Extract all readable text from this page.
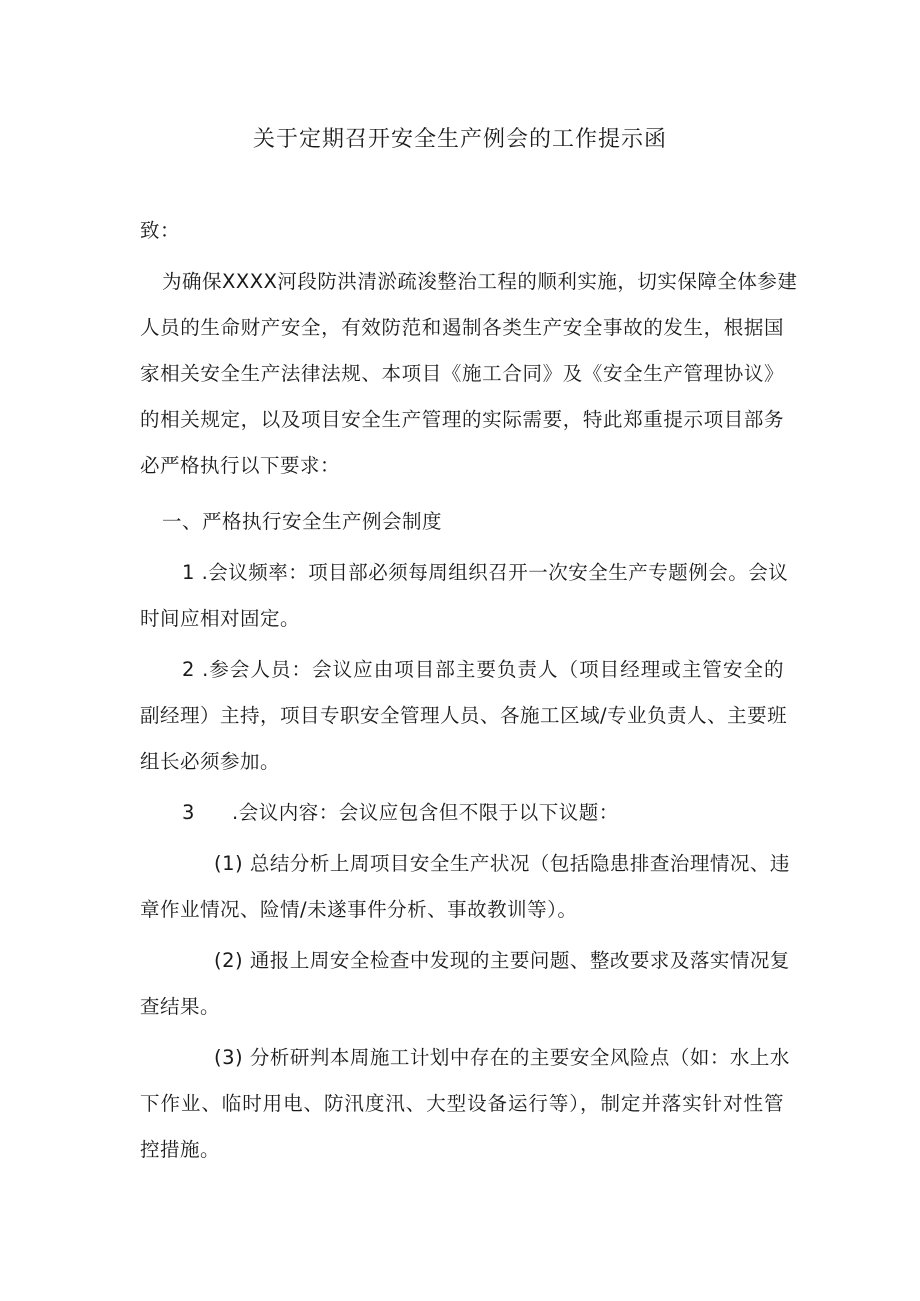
关于定期召开安全生产例会的工作提示函

致：

为确保XXXX河段防洪清淤疏浚整治工程的顺利实施，切实保障全体参建

人员的生命财产安全，有效防范和遏制各类生产安全事故的发生，根据国

家相关安全生产法律法规、本项目《施工合同》及《安全生产管理协议》

的相关规定，以及项目安全生产管理的实际需要，特此郑重提示项目部务

必严格执行以下要求：

一、严格执行安全生产例会制度

1 .会议频率：项目部必须每周组织召开一次安全生产专题例会。会议

时间应相对固定。

2 .参会人员：会议应由项目部主要负责人（项目经理或主管安全的

副经理）主持，项目专职安全管理人员、各施工区域/专业负责人、主要班

组长必须参加。

3 .会议内容：会议应包含但不限于以下议题：

(1) 总结分析上周项目安全生产状况（包括隐患排查治理情况、违

章作业情况、险情/未遂事件分析、事故教训等）。

(2) 通报上周安全检查中发现的主要问题、整改要求及落实情况复

查结果。

(3) 分析研判本周施工计划中存在的主要安全风险点（如：水上水

下作业、临时用电、防汛度汛、大型设备运行等），制定并落实针对性管

控措施。
